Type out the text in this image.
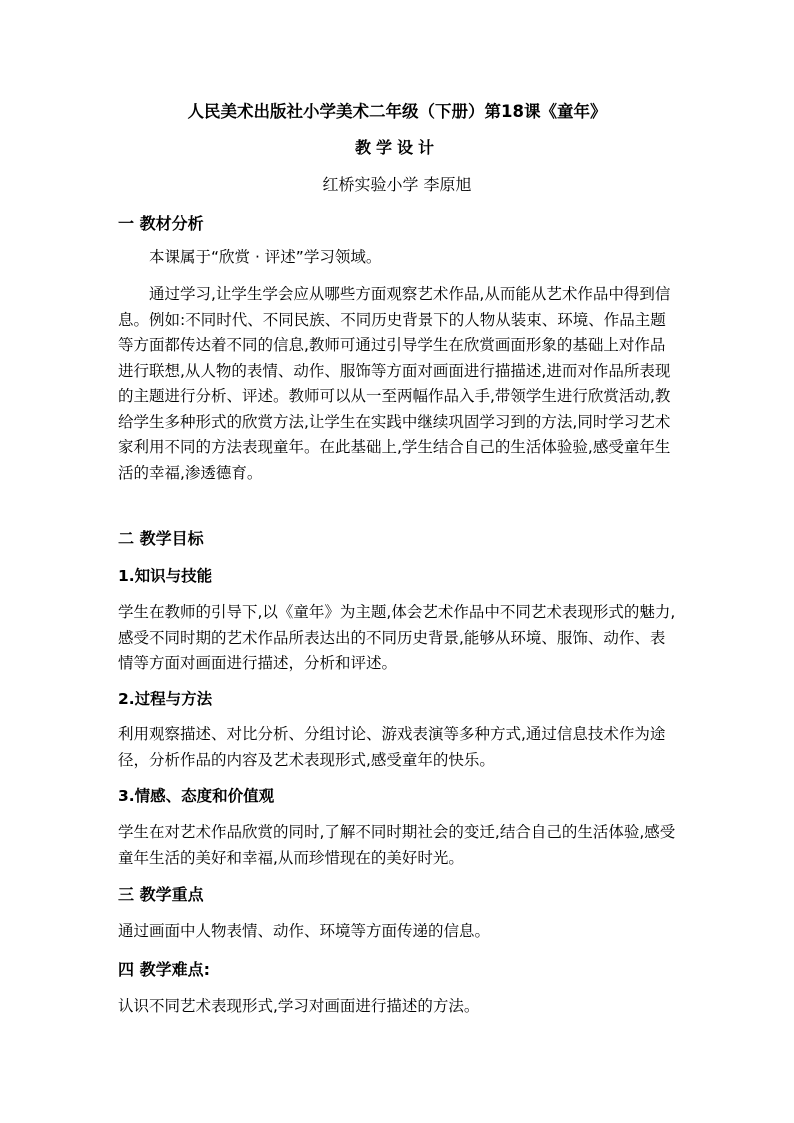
人民美术出版社小学美术二年级（下册）第18课《童年》
教学设计
红桥实验小学 李原旭
一 教材分析
本课属于“欣赏 · 评述”学习领域。

通过学习,让学生学会应从哪些方面观察艺术作品,从而能从艺术作品中得到信息。例如:不同时代、不同民族、不同历史背景下的人物从装束、环境、作品主题等方面都传达着不同的信息,教师可通过引导学生在欣赏画面形象的基础上对作品进行联想,从人物的表情、动作、服饰等方面对画面进行描描述,进而对作品所表现的主题进行分析、评述。教师可以从一至两幅作品入手,带领学生进行欣赏活动,教给学生多种形式的欣赏方法,让学生在实践中继续巩固学习到的方法,同时学习艺术家利用不同的方法表现童年。在此基础上,学生结合自己的生活体验验,感受童年生活的幸福,渗透德育。

二 教学目标
1.知识与技能

学生在教师的引导下,以《童年》为主题,体会艺术作品中不同艺术表现形式的魅力,感受不同时期的艺术作品所表达出的不同历史背景,能够从环境、服饰、动作、表情等方面对画面进行描述，分析和评述。

2.过程与方法

利用观察描述、对比分析、分组讨论、游戏表演等多种方式,通过信息技术作为途径，分析作品的内容及艺术表现形式,感受童年的快乐。

3.情感、态度和价值观

学生在对艺术作品欣赏的同时,了解不同时期社会的变迁,结合自己的生活体验,感受童年生活的美好和幸福,从而珍惜现在的美好时光。

三 教学重点
通过画面中人物表情、动作、环境等方面传递的信息。
四 教学难点:
认识不同艺术表现形式,学习对画面进行描述的方法。
